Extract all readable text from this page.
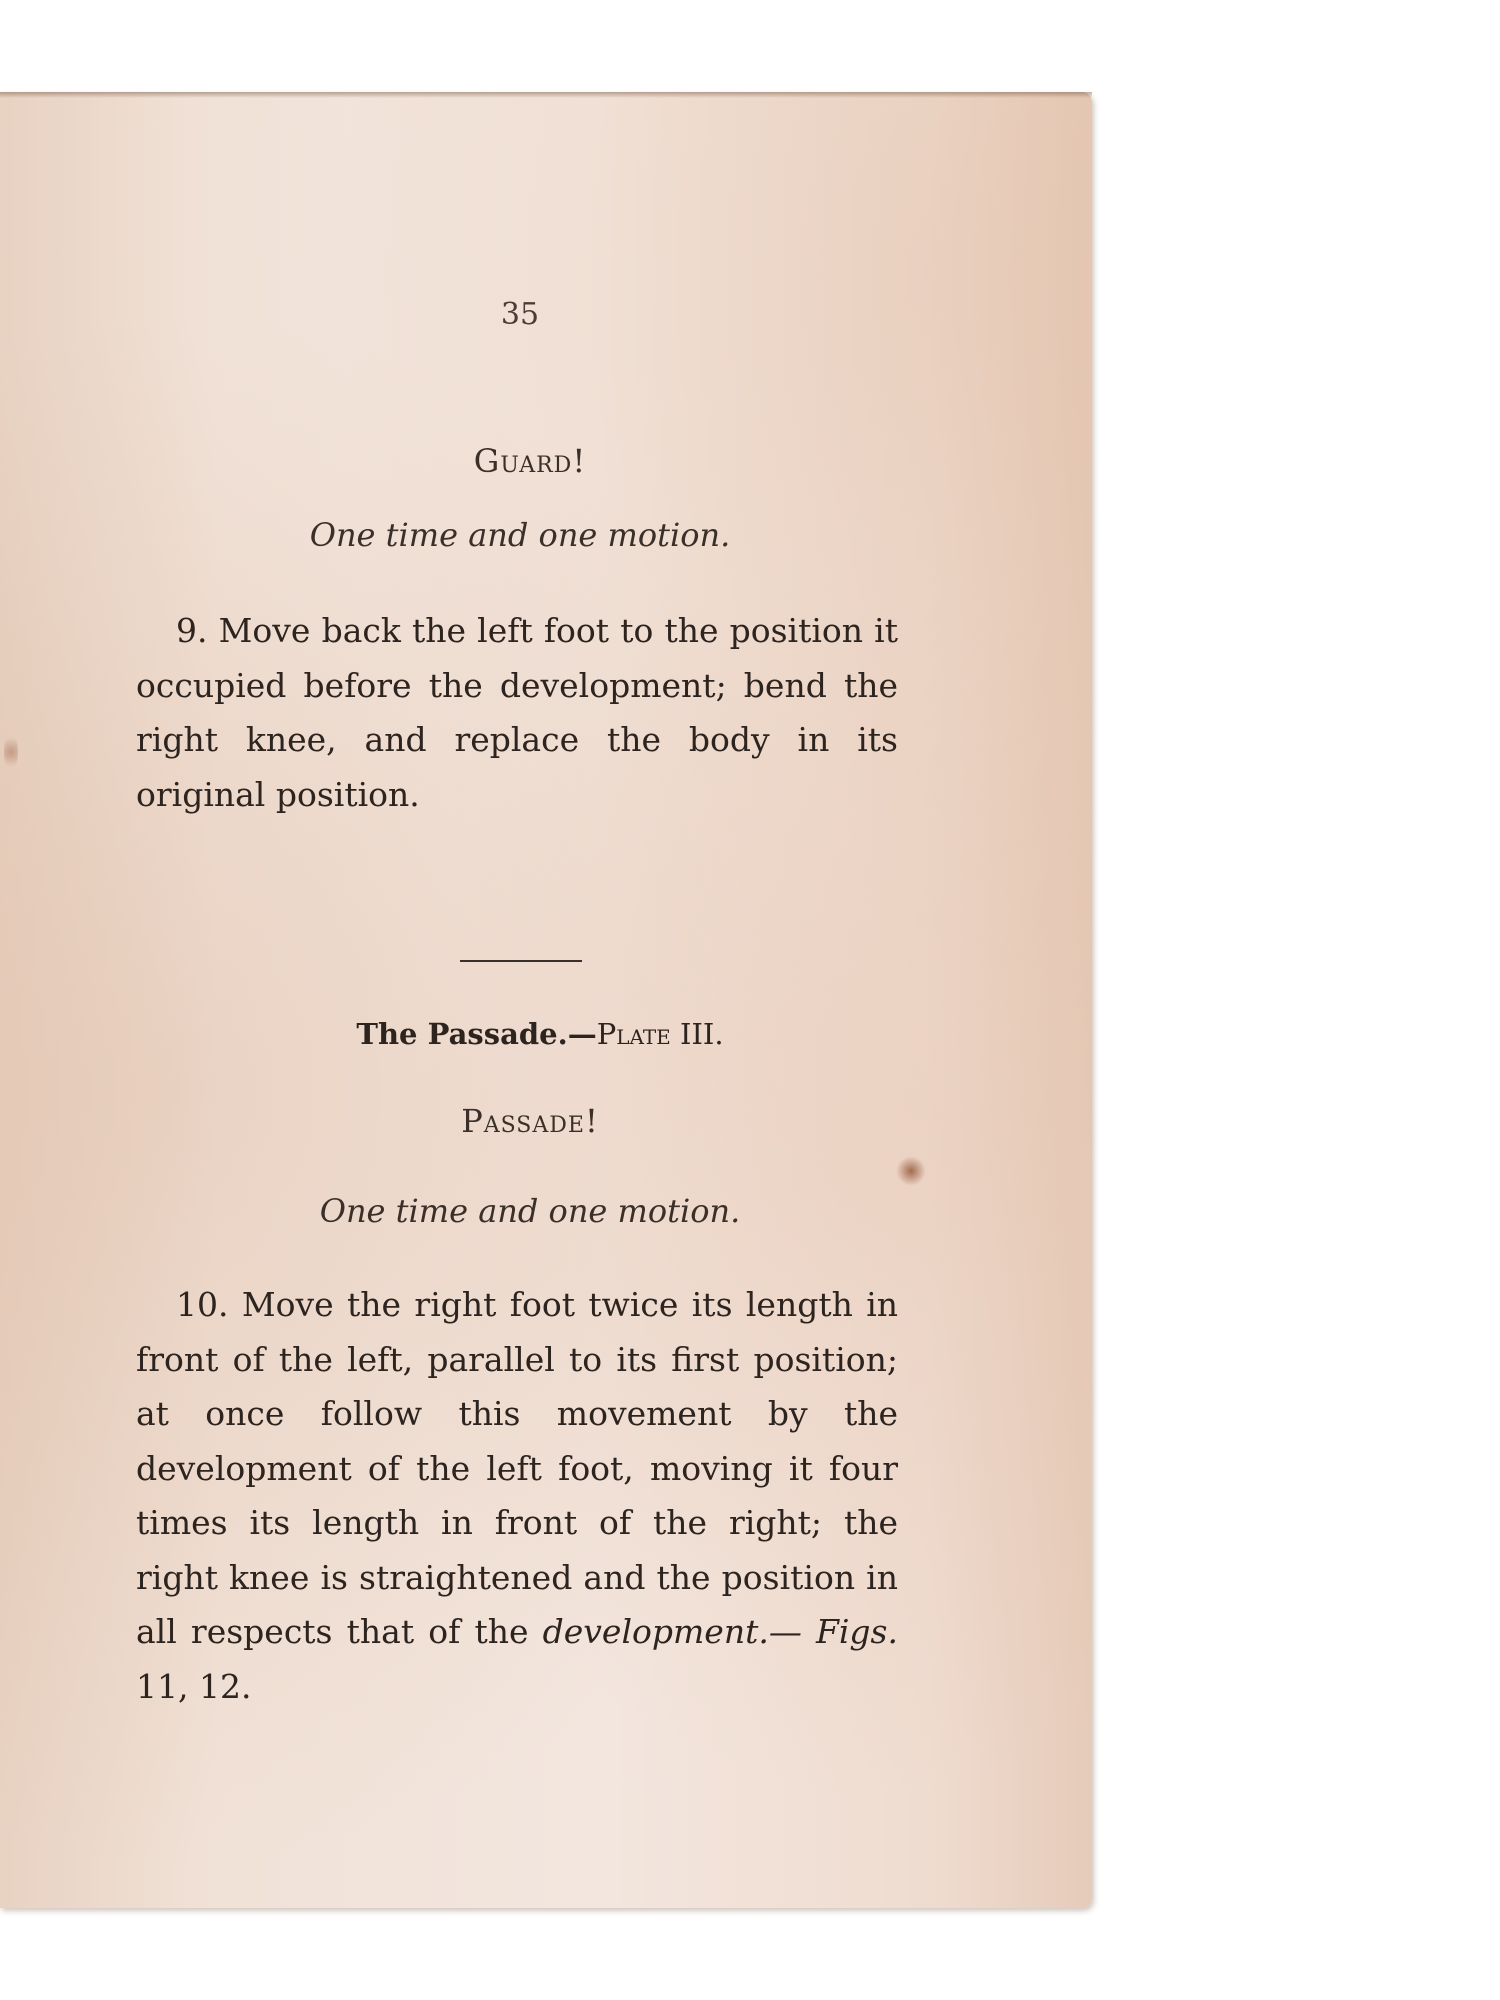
35
Guard!
One time and one motion.
9. Move back the left foot to the position it occupied before the development; bend the right knee, and replace the body in its original position.
The Passade.—Plate III.
Passade!
One time and one motion.
10. Move the right foot twice its length in front of the left, parallel to its first position; at once follow this movement by the development of the left foot, moving it four times its length in front of the right; the right knee is straightened and the position in all respects that of the development.— Figs. 11, 12.
